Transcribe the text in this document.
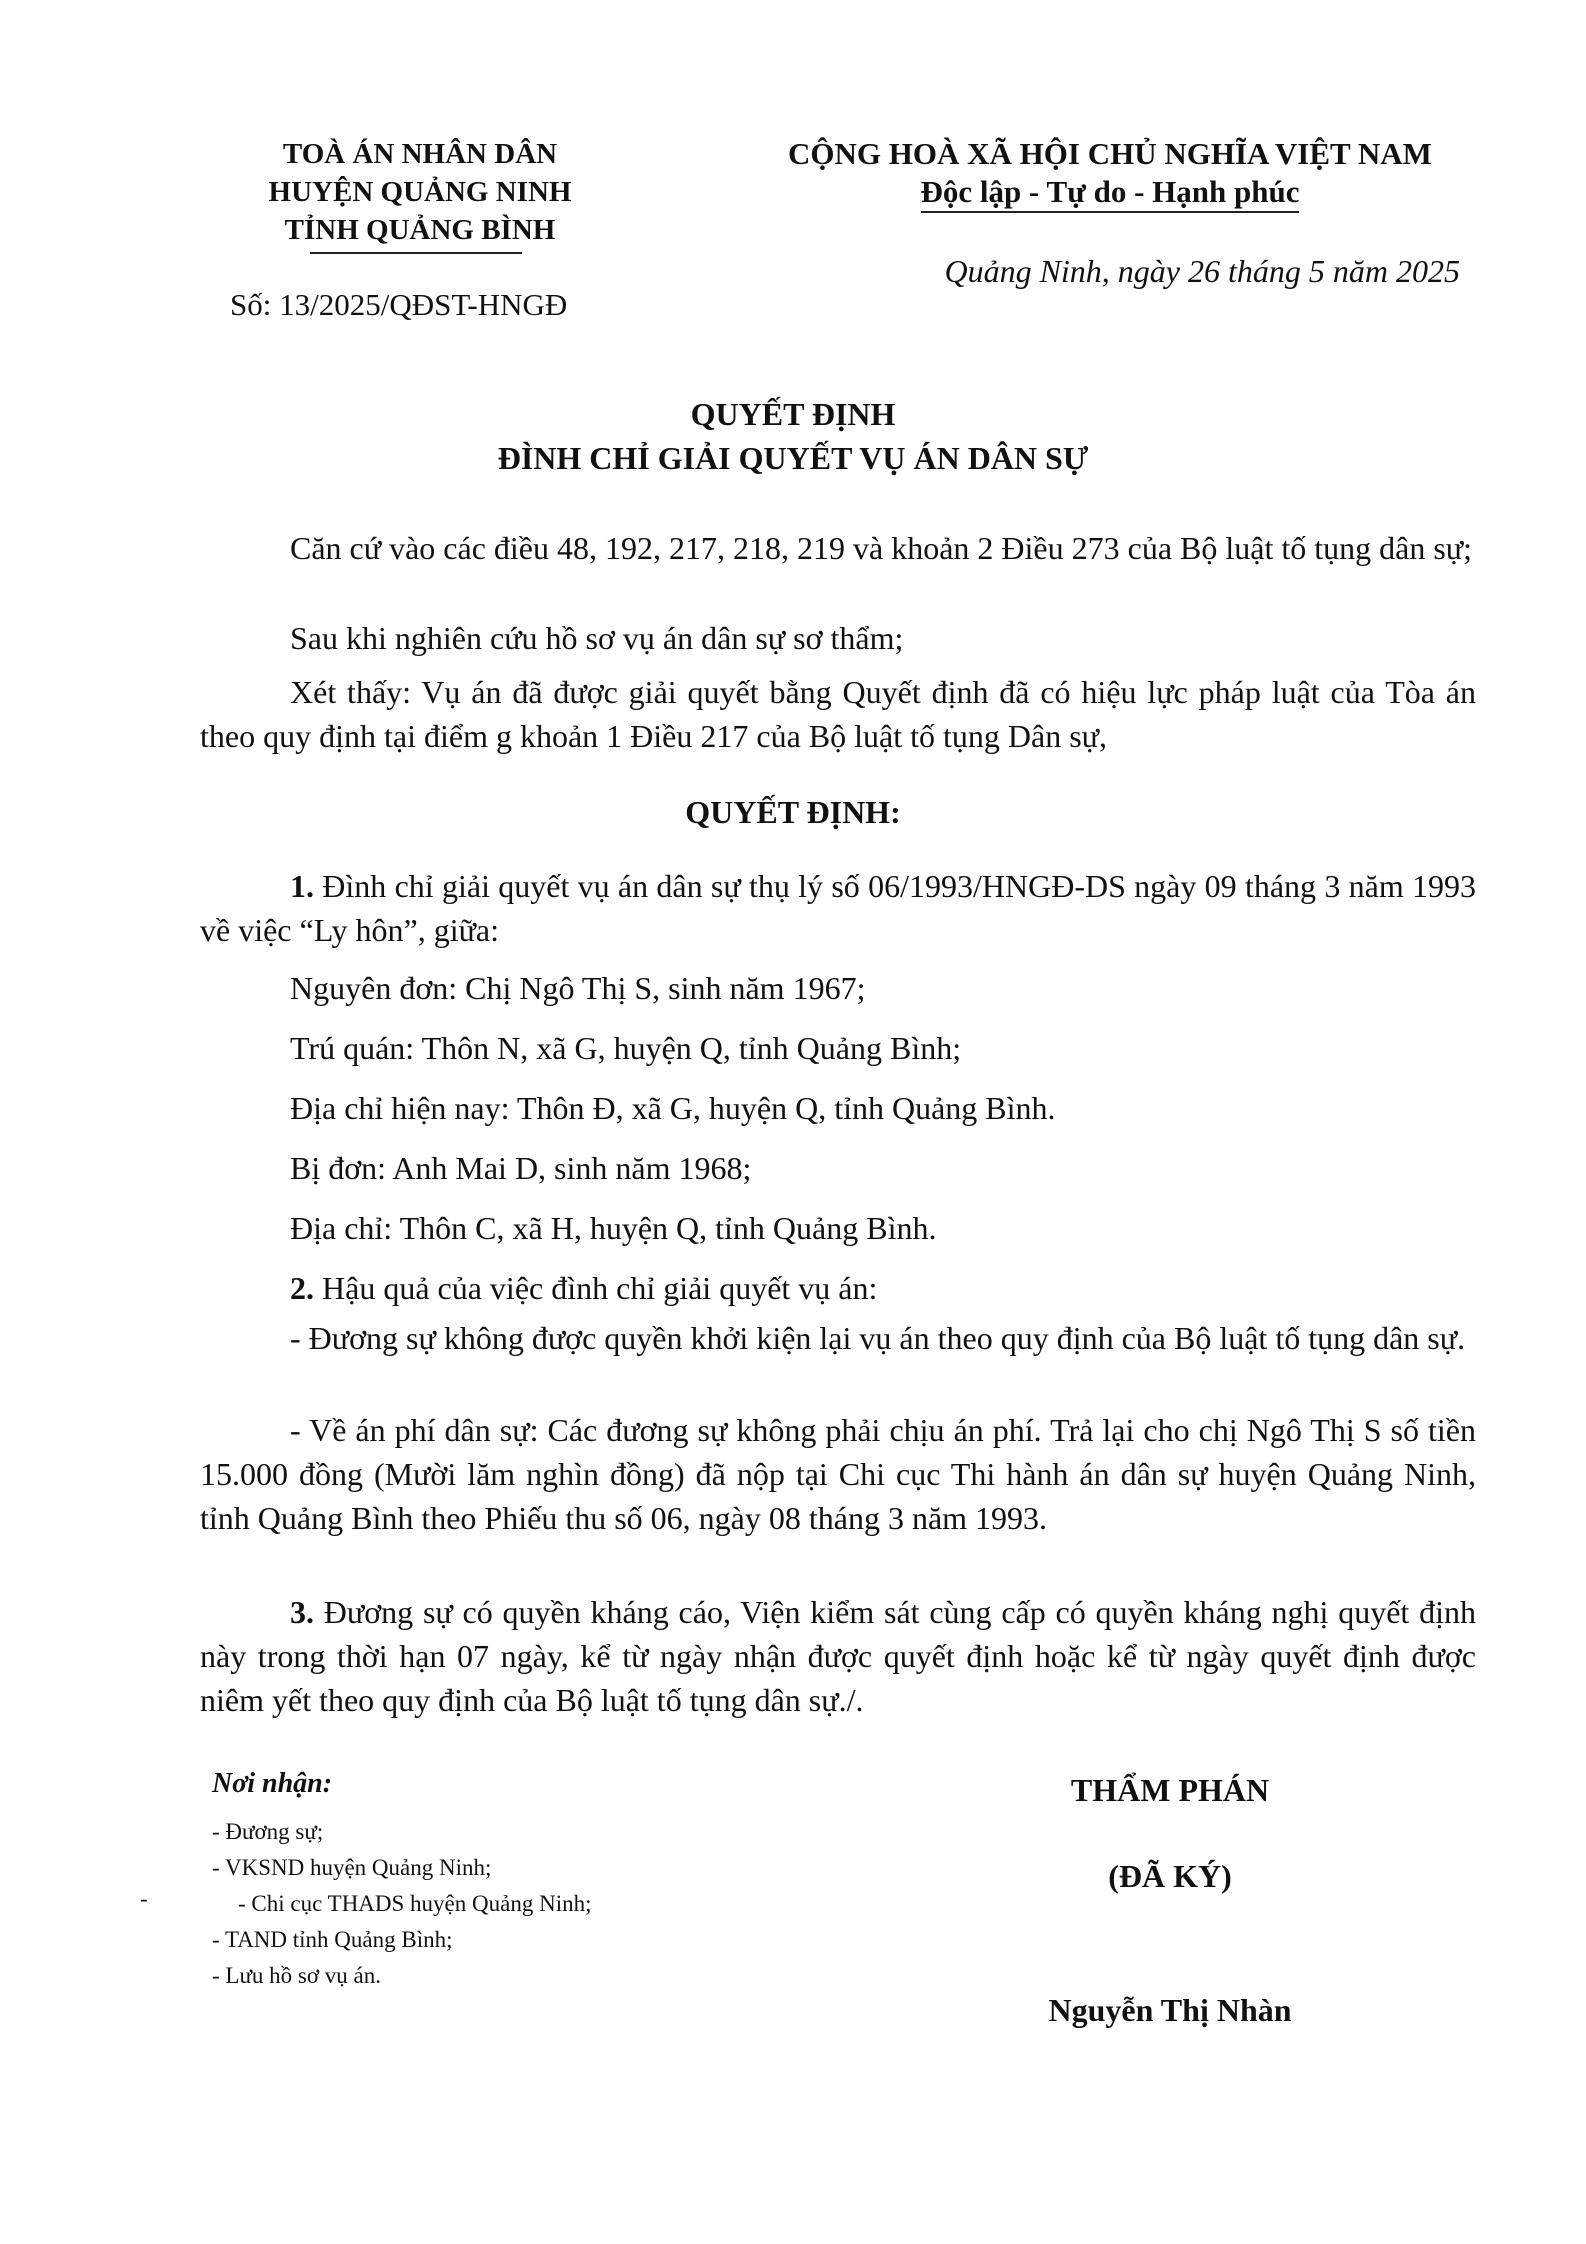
TOÀ ÁN NHÂN DÂN
HUYỆN QUẢNG NINH
TỈNH QUẢNG BÌNH
Số: 13/2025/QĐST-HNGĐ
CỘNG HOÀ XÃ HỘI CHỦ NGHĨA VIỆT NAM
Độc lập - Tự do - Hạnh phúc
Quảng Ninh, ngày 26 tháng 5 năm 2025
QUYẾT ĐỊNH
ĐÌNH CHỈ GIẢI QUYẾT VỤ ÁN DÂN SỰ
Căn cứ vào các điều 48, 192, 217, 218, 219 và khoản 2 Điều 273 của Bộ luật tố tụng dân sự;
Sau khi nghiên cứu hồ sơ vụ án dân sự sơ thẩm;
Xét thấy: Vụ án đã được giải quyết bằng Quyết định đã có hiệu lực pháp luật của Tòa án theo quy định tại điểm g khoản 1 Điều 217 của Bộ luật tố tụng Dân sự,
QUYẾT ĐỊNH:
1. Đình chỉ giải quyết vụ án dân sự thụ lý số 06/1993/HNGĐ-DS ngày 09 tháng 3 năm 1993 về việc “Ly hôn”, giữa:
Nguyên đơn: Chị Ngô Thị S, sinh năm 1967;
Trú quán: Thôn N, xã G, huyện Q, tỉnh Quảng Bình;
Địa chỉ hiện nay: Thôn Đ, xã G, huyện Q, tỉnh Quảng Bình.
Bị đơn: Anh Mai D, sinh năm 1968;
Địa chỉ: Thôn C, xã H, huyện Q, tỉnh Quảng Bình.
2. Hậu quả của việc đình chỉ giải quyết vụ án:
- Đương sự không được quyền khởi kiện lại vụ án theo quy định của Bộ luật tố tụng dân sự.
- Về án phí dân sự: Các đương sự không phải chịu án phí. Trả lại cho chị Ngô Thị S số tiền 15.000 đồng (Mười lăm nghìn đồng) đã nộp tại Chi cục Thi hành án dân sự huyện Quảng Ninh, tỉnh Quảng Bình theo Phiếu thu số 06, ngày 08 tháng 3 năm 1993.
3. Đương sự có quyền kháng cáo, Viện kiểm sát cùng cấp có quyền kháng nghị quyết định này trong thời hạn 07 ngày, kể từ ngày nhận được quyết định hoặc kể từ ngày quyết định được niêm yết theo quy định của Bộ luật tố tụng dân sự./.
Nơi nhận:
- Đương sự;
- VKSND huyện Quảng Ninh;
-	- Chi cục THADS huyện Quảng Ninh;
- TAND tỉnh Quảng Bình;
- Lưu hồ sơ vụ án.
THẨM PHÁN
(ĐÃ KÝ)
Nguyễn Thị Nhàn
